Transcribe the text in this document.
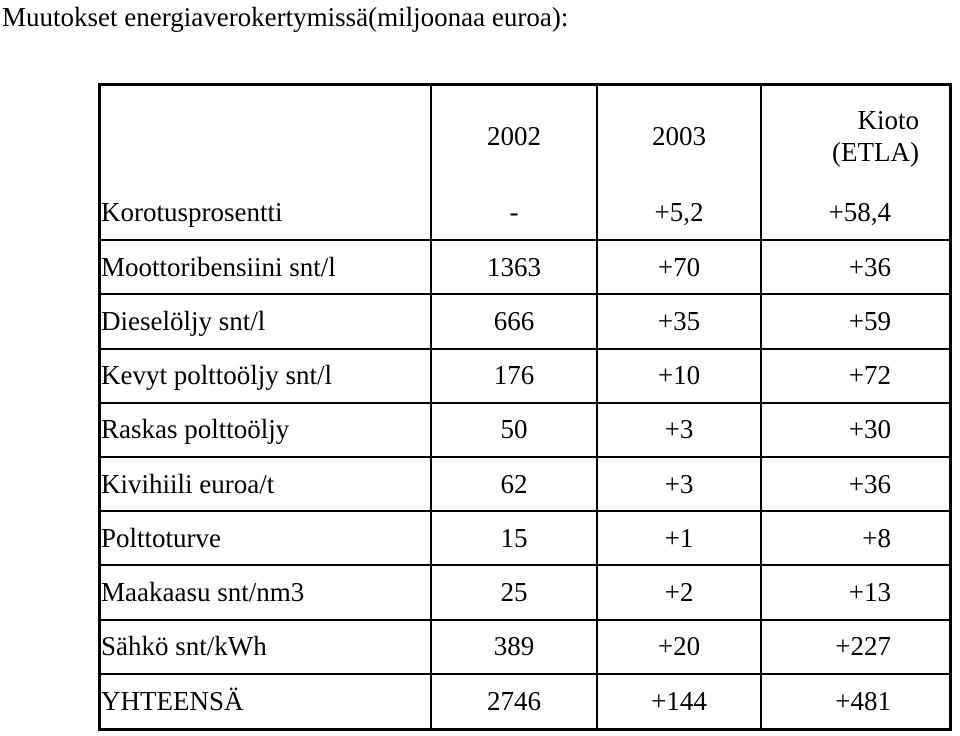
Muutokset energiaverokertymissä(miljoonaa euroa):
	2002	2003	Kioto
(ETLA)

Korotusprosentti	-	+5,2	+58,4
Moottoribensiini snt/l	1363	+70	+36
Dieselöljy snt/l	666	+35	+59
Kevyt polttoöljy snt/l	176	+10	+72
Raskas polttoöljy	50	+3	+30
Kivihiili euroa/t	62	+3	+36
Polttoturve	15	+1	+8
Maakaasu snt/nm3	25	+2	+13
Sähkö snt/kWh	389	+20	+227
YHTEENSÄ	2746	+144	+481
